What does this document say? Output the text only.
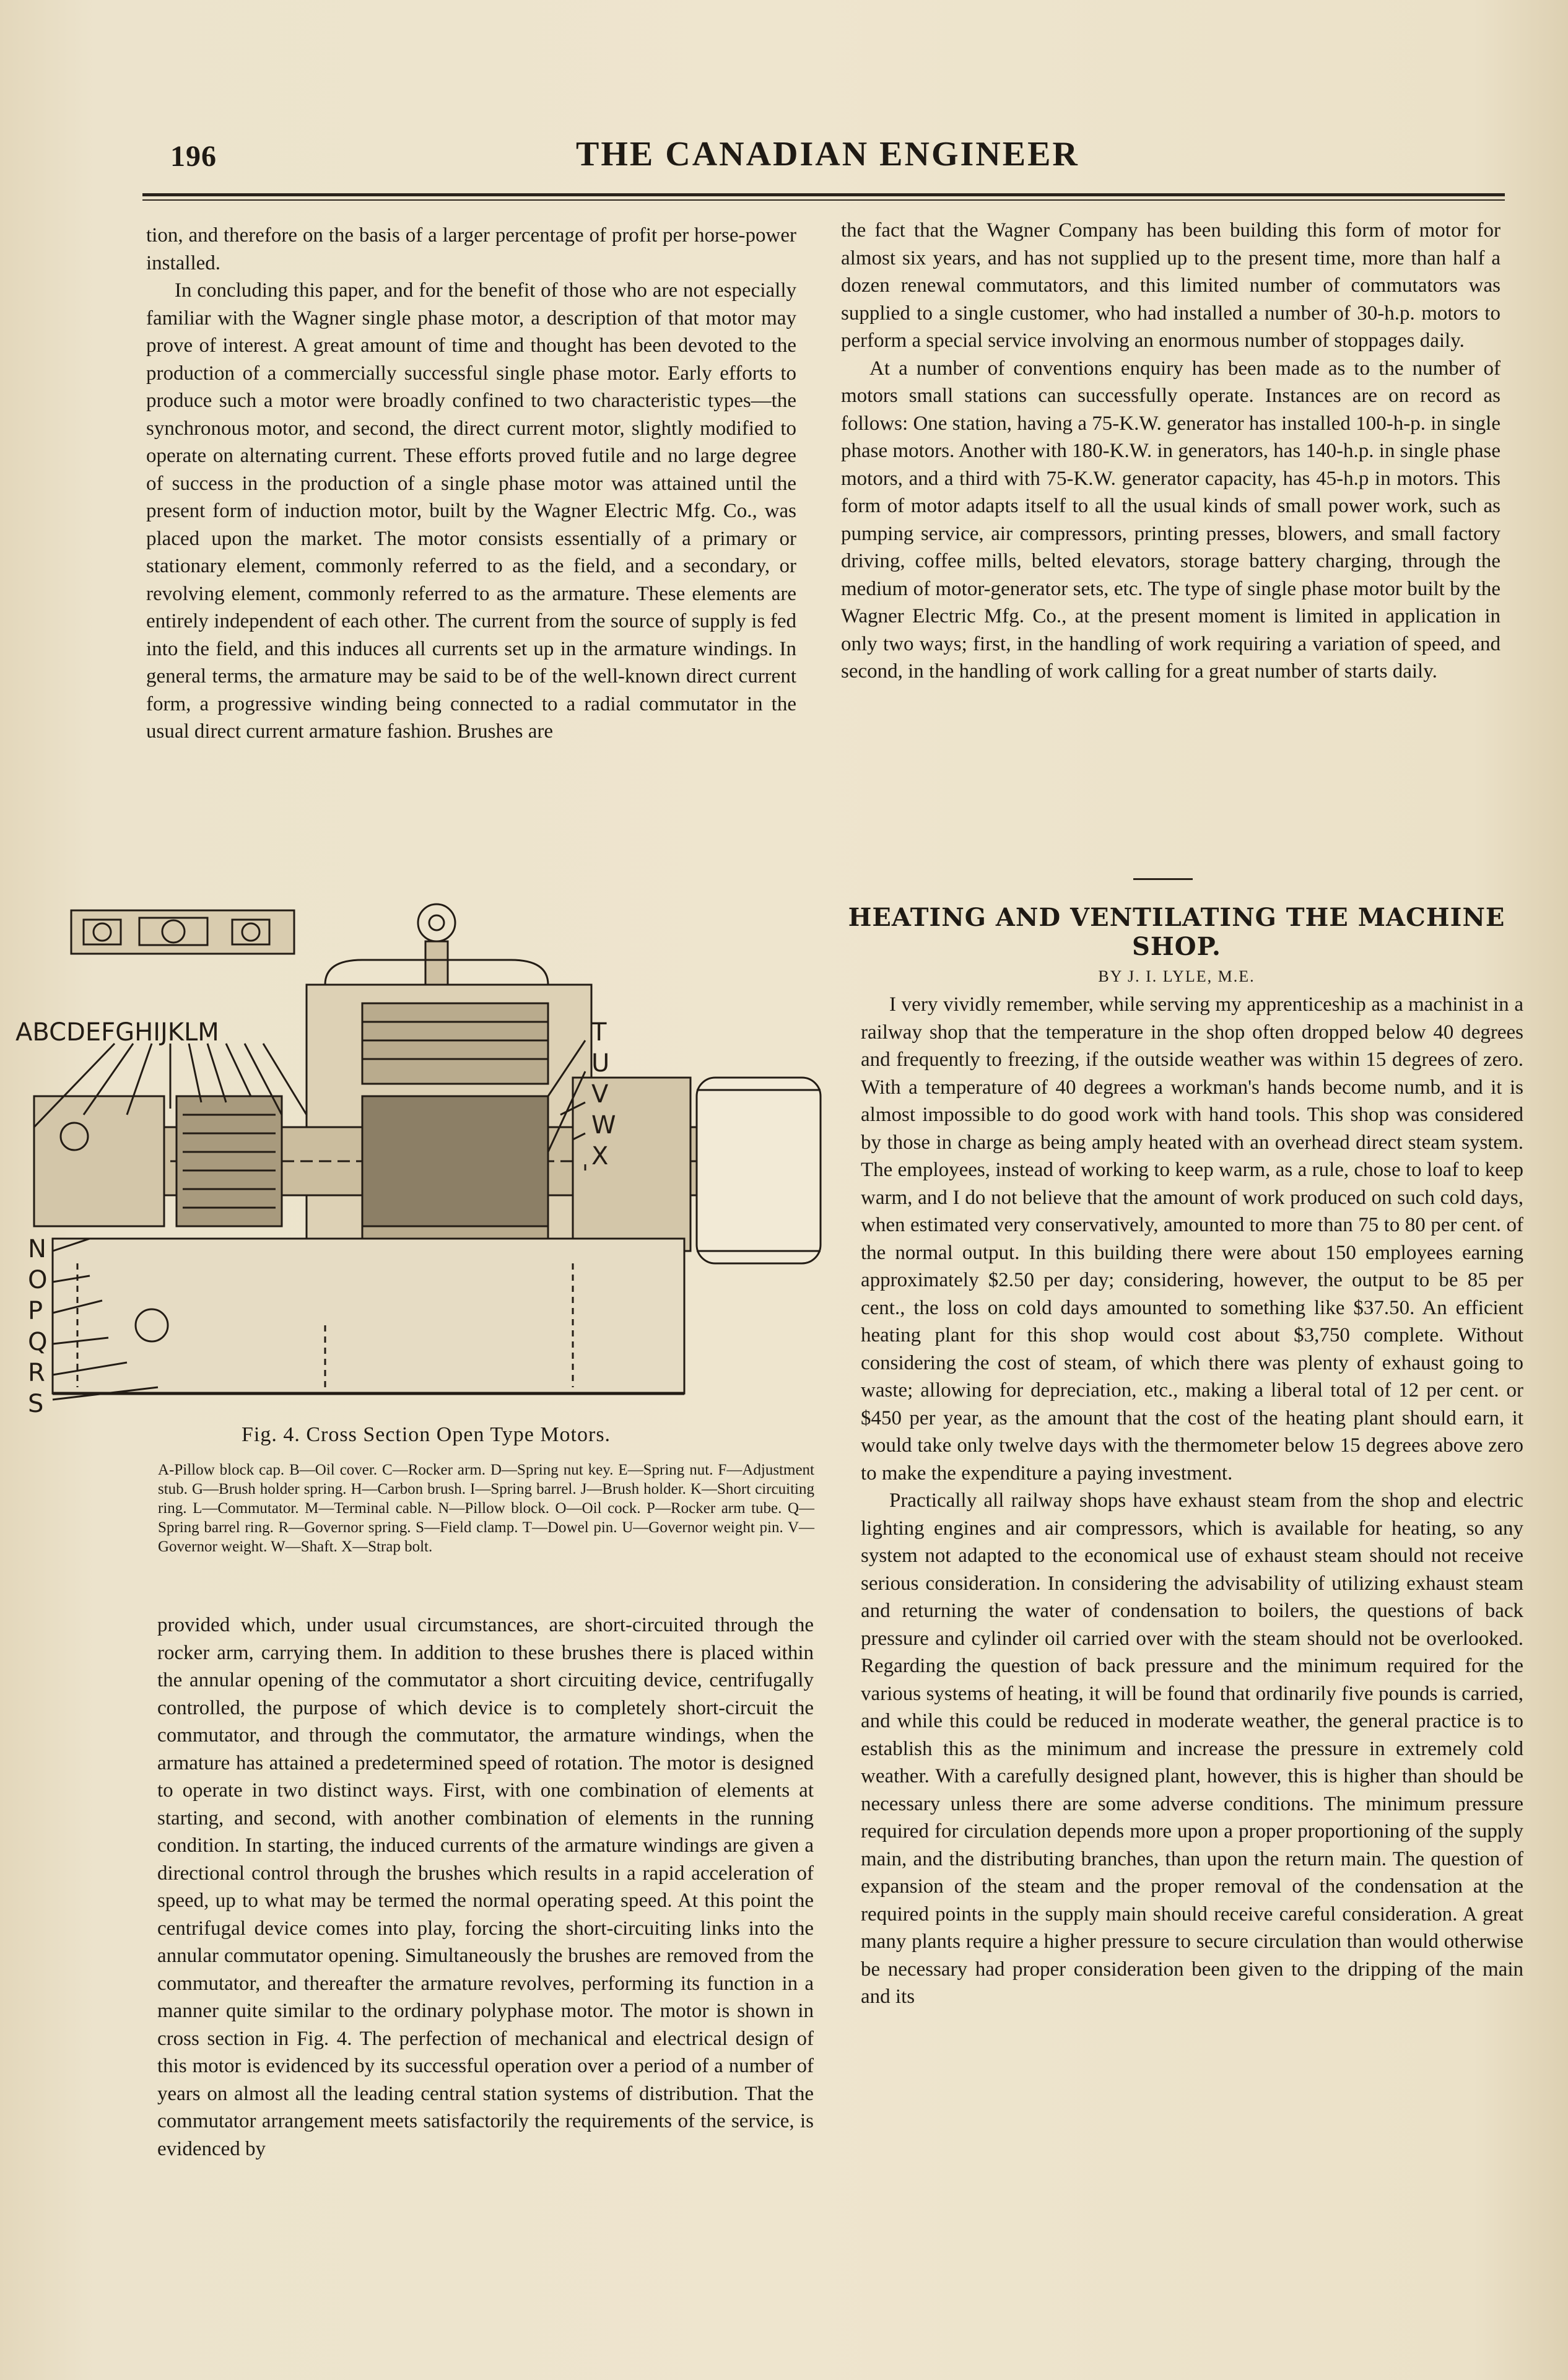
196	THE CANADIAN ENGINEER

tion, and therefore on the basis of a larger percentage of profit per horse-power installed.

In concluding this paper, and for the benefit of those who are not especially familiar with the Wagner single phase motor, a description of that motor may prove of interest. A great amount of time and thought has been devoted to the production of a commercially successful single phase motor. Early efforts to produce such a motor were broadly confined to two characteristic types—the synchronous motor, and second, the direct current motor, slightly modified to operate on alternating current. These efforts proved futile and no large degree of success in the production of a single phase motor was attained until the present form of induction motor, built by the Wagner Electric Mfg. Co., was placed upon the market. The motor consists essentially of a primary or stationary element, commonly referred to as the field, and a secondary, or revolving element, commonly referred to as the armature. These elements are entirely independent of each other. The current from the source of supply is fed into the field, and this induces all currents set up in the armature windings. In general terms, the armature may be said to be of the well-known direct current form, a progressive winding being connected to a radial commutator in the usual direct current armature fashion. Brushes are

ABCDEFGHIJKLM	T
U
V
W
X
N
O
P
Q
R
S
Fig. 4. Cross Section Open Type Motors.
A-Pillow block cap. B—Oil cover. C—Rocker arm. D—Spring nut key. E—Spring nut. F—Adjustment stub. G—Brush holder spring. H—Carbon brush. I—Spring barrel. J—Brush holder. K—Short circuiting ring. L—Commutator. M—Terminal cable. N—Pillow block. O—Oil cock. P—Rocker arm tube. Q—Spring barrel ring. R—Governor spring. S—Field clamp. T—Dowel pin. U—Governor weight pin. V—Governor weight. W—Shaft. X—Strap bolt.

provided which, under usual circumstances, are short-circuited through the rocker arm, carrying them. In addition to these brushes there is placed within the annular opening of the commutator a short circuiting device, centrifugally controlled, the purpose of which device is to completely short-circuit the commutator, and through the commutator, the armature windings, when the armature has attained a predetermined speed of rotation. The motor is designed to operate in two distinct ways. First, with one combination of elements at starting, and second, with another combination of elements in the running condition. In starting, the induced currents of the armature windings are given a directional control through the brushes which results in a rapid acceleration of speed, up to what may be termed the normal operating speed. At this point the centrifugal device comes into play, forcing the short-circuiting links into the annular commutator opening. Simultaneously the brushes are removed from the commutator, and thereafter the armature revolves, performing its function in a manner quite similar to the ordinary polyphase motor. The motor is shown in cross section in Fig. 4. The perfection of mechanical and electrical design of this motor is evidenced by its successful operation over a period of a number of years on almost all the leading central station systems of distribution. That the commutator arrangement meets satisfactorily the requirements of the service, is evidenced by

the fact that the Wagner Company has been building this form of motor for almost six years, and has not supplied up to the present time, more than half a dozen renewal commutators, and this limited number of commutators was supplied to a single customer, who had installed a number of 30-h.p. motors to perform a special service involving an enormous number of stoppages daily.

At a number of conventions enquiry has been made as to the number of motors small stations can successfully operate. Instances are on record as follows: One station, having a 75-K.W. generator has installed 100-h-p. in single phase motors. Another with 180-K.W. in generators, has 140-h.p. in single phase motors, and a third with 75-K.W. generator capacity, has 45-h.p in motors. This form of motor adapts itself to all the usual kinds of small power work, such as pumping service, air compressors, printing presses, blowers, and small factory driving, coffee mills, belted elevators, storage battery charging, through the medium of motor-generator sets, etc. The type of single phase motor built by the Wagner Electric Mfg. Co., at the present moment is limited in application in only two ways; first, in the handling of work requiring a variation of speed, and second, in the handling of work calling for a great number of starts daily.

HEATING AND VENTILATING THE MACHINE SHOP.
BY J. I. LYLE, M.E.

I very vividly remember, while serving my apprenticeship as a machinist in a railway shop that the temperature in the shop often dropped below 40 degrees and frequently to freezing, if the outside weather was within 15 degrees of zero. With a temperature of 40 degrees a workman's hands become numb, and it is almost impossible to do good work with hand tools. This shop was considered by those in charge as being amply heated with an overhead direct steam system. The employees, instead of working to keep warm, as a rule, chose to loaf to keep warm, and I do not believe that the amount of work produced on such cold days, when estimated very conservatively, amounted to more than 75 to 80 per cent. of the normal output. In this building there were about 150 employees earning approximately $2.50 per day; considering, however, the output to be 85 per cent., the loss on cold days amounted to something like $37.50. An efficient heating plant for this shop would cost about $3,750 complete. Without considering the cost of steam, of which there was plenty of exhaust going to waste; allowing for depreciation, etc., making a liberal total of 12 per cent. or $450 per year, as the amount that the cost of the heating plant should earn, it would take only twelve days with the thermometer below 15 degrees above zero to make the expenditure a paying investment.

Practically all railway shops have exhaust steam from the shop and electric lighting engines and air compressors, which is available for heating, so any system not adapted to the economical use of exhaust steam should not receive serious consideration. In considering the advisability of utilizing exhaust steam and returning the water of condensation to boilers, the questions of back pressure and cylinder oil carried over with the steam should not be overlooked. Regarding the question of back pressure and the minimum required for the various systems of heating, it will be found that ordinarily five pounds is carried, and while this could be reduced in moderate weather, the general practice is to establish this as the minimum and increase the pressure in extremely cold weather. With a carefully designed plant, however, this is higher than should be necessary unless there are some adverse conditions. The minimum pressure required for circulation depends more upon a proper proportioning of the supply main, and the distributing branches, than upon the return main. The question of expansion of the steam and the proper removal of the condensation at the required points in the supply main should receive careful consideration. A great many plants require a higher pressure to secure circulation than would otherwise be necessary had proper consideration been given to the dripping of the main and its
